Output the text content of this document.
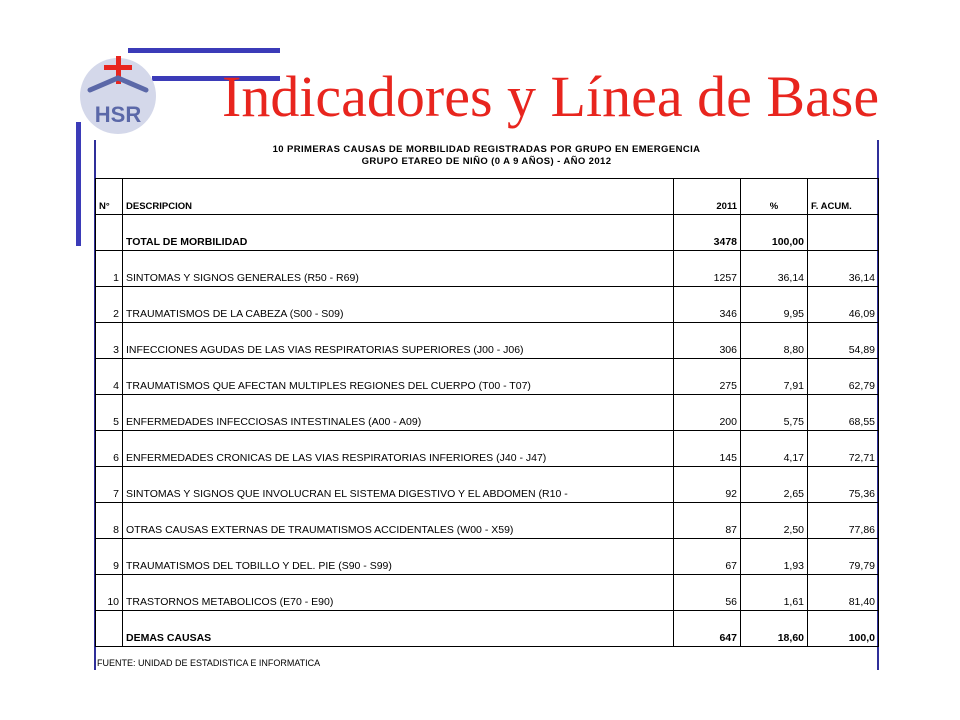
HSR Indicadores y Línea de Base
10 PRIMERAS CAUSAS DE MORBILIDAD REGISTRADAS POR GRUPO EN EMERGENCIA
GRUPO ETAREO DE NIÑO (0 A 9 AÑOS) - AÑO 2012
N°	DESCRIPCION	2011	%	F. ACUM.
	TOTAL DE MORBILIDAD	3478	100,00	
1	SINTOMAS Y SIGNOS GENERALES (R50 - R69)	1257	36,14	36,14
2	TRAUMATISMOS DE LA CABEZA (S00 - S09)	346	9,95	46,09
3	INFECCIONES AGUDAS DE LAS VIAS RESPIRATORIAS SUPERIORES (J00 - J06)	306	8,80	54,89
4	TRAUMATISMOS QUE AFECTAN MULTIPLES REGIONES DEL CUERPO (T00 - T07)	275	7,91	62,79
5	ENFERMEDADES INFECCIOSAS INTESTINALES (A00 - A09)	200	5,75	68,55
6	ENFERMEDADES CRONICAS DE LAS VIAS RESPIRATORIAS INFERIORES (J40 - J47)	145	4,17	72,71
7	SINTOMAS Y SIGNOS QUE INVOLUCRAN EL SISTEMA DIGESTIVO Y EL ABDOMEN (R10 -	92	2,65	75,36
8	OTRAS CAUSAS EXTERNAS DE TRAUMATISMOS ACCIDENTALES (W00 - X59)	87	2,50	77,86
9	TRAUMATISMOS DEL TOBILLO Y DEL. PIE (S90 - S99)	67	1,93	79,79
10	TRASTORNOS METABOLICOS (E70 - E90)	56	1,61	81,40
	DEMAS CAUSAS	647	18,60	100,0
FUENTE: UNIDAD DE ESTADISTICA E INFORMATICA
